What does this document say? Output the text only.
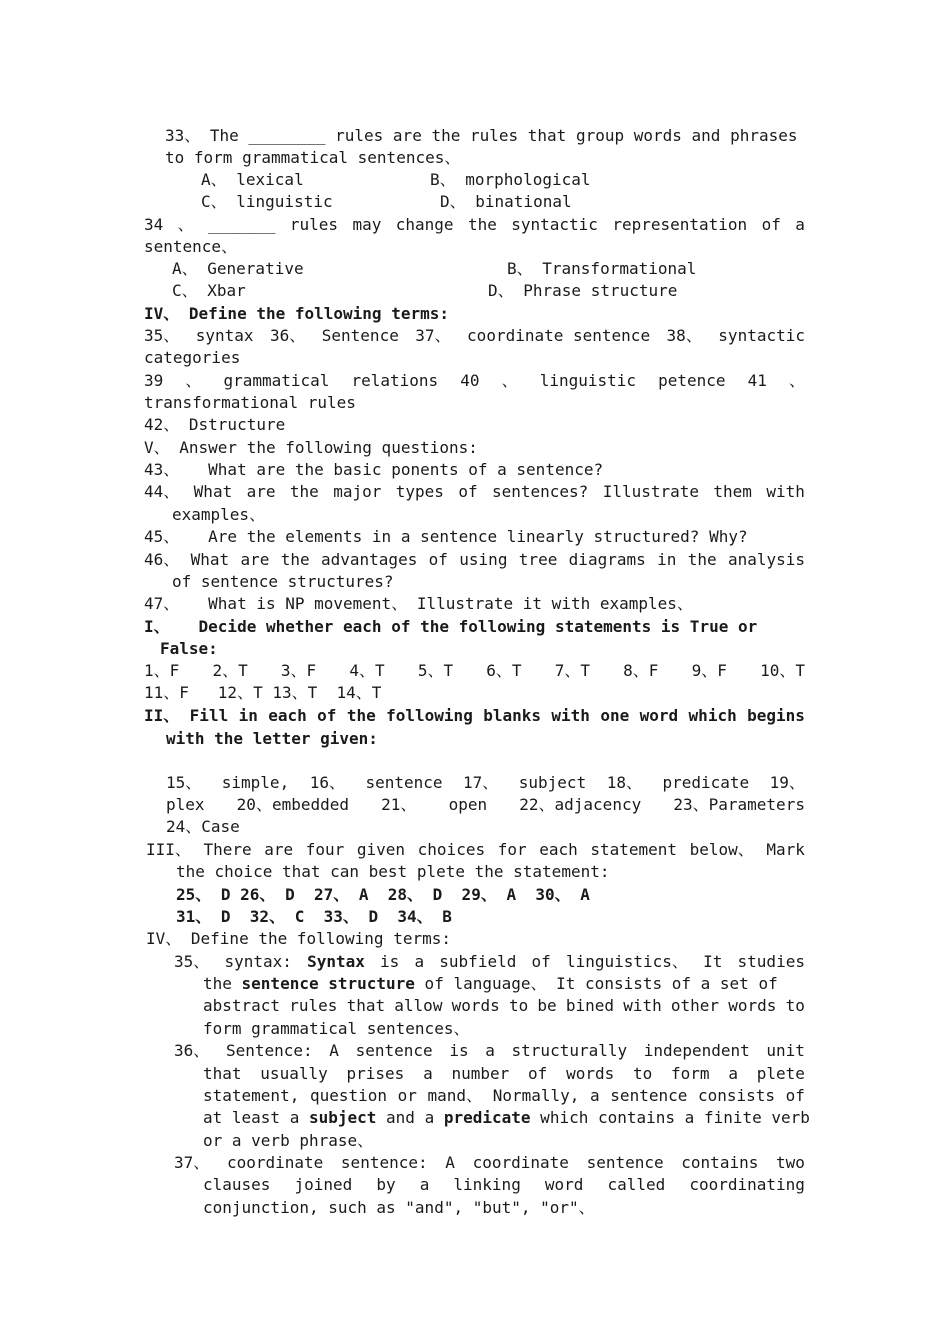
33、 The ________ rules are the rules that group words and phrases
to form grammatical sentences、
A、 lexical	B、 morphological
C、 linguistic	D、 binational
34 、 _______ rules may change the syntactic representation of a
sentence、
A、 Generative	B、 Transformational
C、 Xbar	D、 Phrase structure
IV、 Define the following terms:
35、 syntax 36、 Sentence 37、 coordinate sentence 38、 syntactic
categories
39 、 grammatical relations 40 、 linguistic petence 41 、
transformational rules
42、 Dstructure
V、 Answer the following questions:
43、   What are the basic ponents of a sentence?
44、 What are the major types of sentences? Illustrate them with
examples、
45、   Are the elements in a sentence linearly structured? Why?
46、 What are the advantages of using tree diagrams in the analysis
of sentence structures?
47、   What is NP movement、 Illustrate it with examples、
I、   Decide whether each of the following statements is True or
False:
1、F 2、T 3、F 4、T 5、T 6、T 7、T 8、F 9、F 10、T
11、F   12、T 13、T  14、T
II、 Fill in each of the following blanks with one word which begins
with the letter given:
15、 simple, 16、 sentence 17、 subject 18、 predicate 19、
plex 20、embedded 21、 open 22、adjacency 23、Parameters
24、Case
III、 There are four given choices for each statement below、 Mark
the choice that can best plete the statement:
25、 D 26、 D  27、 A  28、 D  29、 A  30、 A
31、 D  32、 C  33、 D  34、 B
IV、 Define the following terms:
35、 syntax: Syntax is a subfield of linguistics、 It studies
the sentence structure of language、 It consists of a set of
abstract rules that allow words to be bined with other words to
form grammatical sentences、
36、 Sentence: A sentence is a structurally independent unit
that usually prises a number of words to form a plete
statement, question or mand、 Normally, a sentence consists of
at least a subject and a predicate which contains a finite verb
or a verb phrase、
37、 coordinate sentence: A coordinate sentence contains two
clauses joined by a linking word called coordinating
conjunction, such as "and", "but", "or"、
